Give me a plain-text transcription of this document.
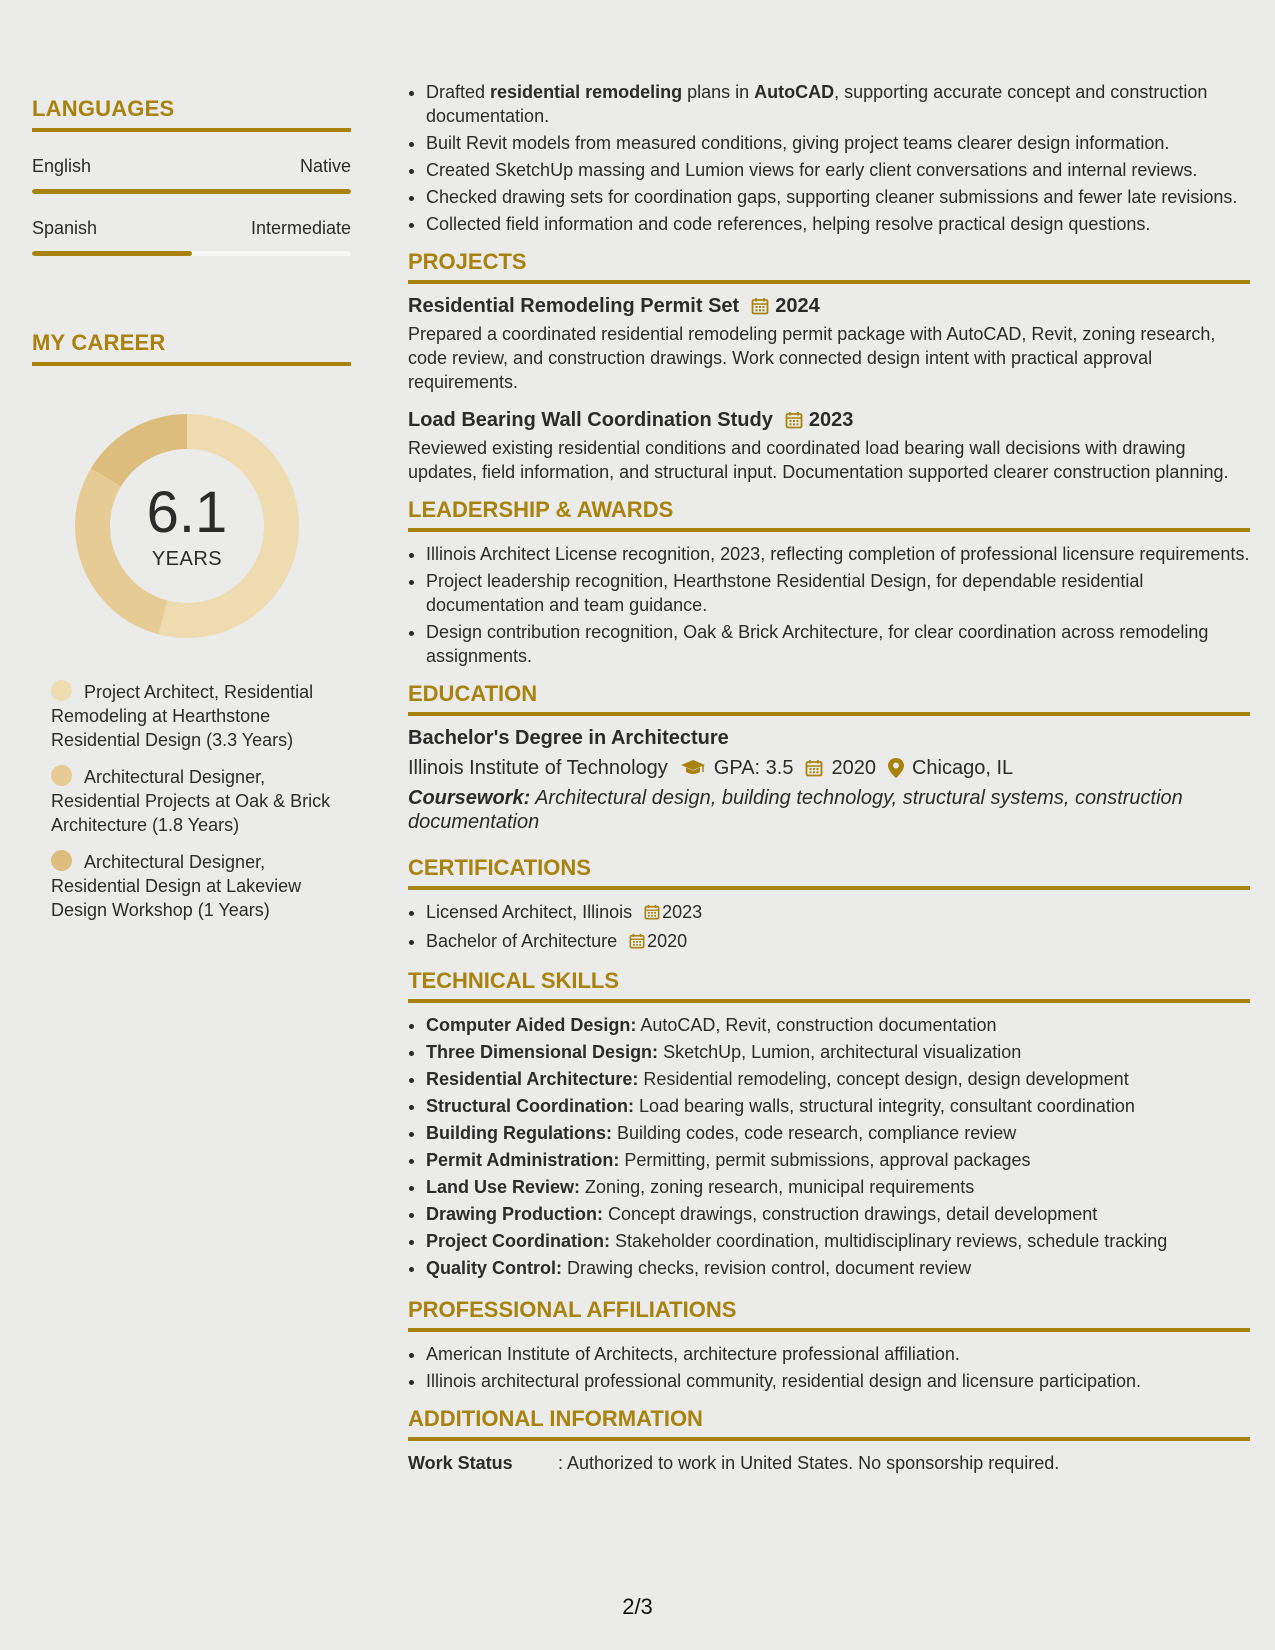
LANGUAGES
English	Native
Spanish	Intermediate
MY CAREER
6.1
YEARS
Project Architect, Residential Remodeling at Hearthstone Residential Design (3.3 Years)
Architectural Designer, Residential Projects at Oak & Brick Architecture (1.8 Years)
Architectural Designer, Residential Design at Lakeview Design Workshop (1 Years)
• Drafted residential remodeling plans in AutoCAD, supporting accurate concept and construction documentation.
• Built Revit models from measured conditions, giving project teams clearer design information.
• Created SketchUp massing and Lumion views for early client conversations and internal reviews.
• Checked drawing sets for coordination gaps, supporting cleaner submissions and fewer late revisions.
• Collected field information and code references, helping resolve practical design questions.
PROJECTS
Residential Remodeling Permit Set 2024
Prepared a coordinated residential remodeling permit package with AutoCAD, Revit, zoning research, code review, and construction drawings. Work connected design intent with practical approval requirements.
Load Bearing Wall Coordination Study 2023
Reviewed existing residential conditions and coordinated load bearing wall decisions with drawing updates, field information, and structural input. Documentation supported clearer construction planning.
LEADERSHIP & AWARDS
• Illinois Architect License recognition, 2023, reflecting completion of professional licensure requirements.
• Project leadership recognition, Hearthstone Residential Design, for dependable residential documentation and team guidance.
• Design contribution recognition, Oak & Brick Architecture, for clear coordination across remodeling assignments.
EDUCATION
Bachelor's Degree in Architecture
Illinois Institute of Technology GPA: 3.5 2020 Chicago, IL
Coursework: Architectural design, building technology, structural systems, construction documentation
CERTIFICATIONS
• Licensed Architect, Illinois 2023
• Bachelor of Architecture 2020
TECHNICAL SKILLS
• Computer Aided Design: AutoCAD, Revit, construction documentation
• Three Dimensional Design: SketchUp, Lumion, architectural visualization
• Residential Architecture: Residential remodeling, concept design, design development
• Structural Coordination: Load bearing walls, structural integrity, consultant coordination
• Building Regulations: Building codes, code research, compliance review
• Permit Administration: Permitting, permit submissions, approval packages
• Land Use Review: Zoning, zoning research, municipal requirements
• Drawing Production: Concept drawings, construction drawings, detail development
• Project Coordination: Stakeholder coordination, multidisciplinary reviews, schedule tracking
• Quality Control: Drawing checks, revision control, document review
PROFESSIONAL AFFILIATIONS
• American Institute of Architects, architecture professional affiliation.
• Illinois architectural professional community, residential design and licensure participation.
ADDITIONAL INFORMATION
Work Status	: Authorized to work in United States. No sponsorship required.
2/3
